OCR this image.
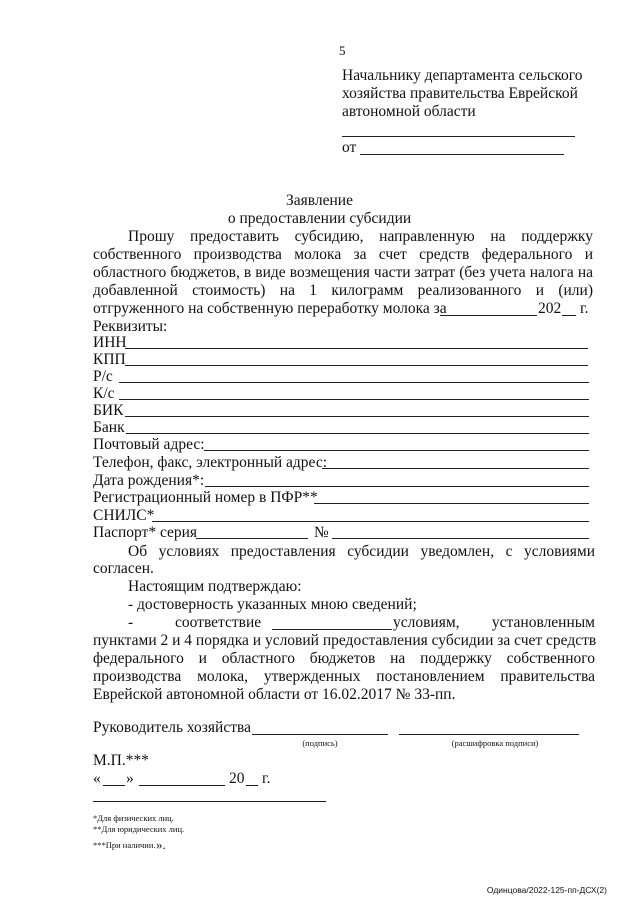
5
Начальнику департамента сельского
хозяйства правительства Еврейской
автономной области
от
Заявление
о предоставлении субсидии
Прошу предоставить субсидию, направленную на поддержку
собственного производства молока за счет средств федерального и
областного бюджетов, в виде возмещения части затрат (без учета налога на
добавленной стоимость) на 1 килограмм реализованного и (или)
отгруженного на собственную переработку молока за	202 г.
Реквизиты:
ИНН
КПП
Р/с
К/с
БИК
Банк
Почтовый адрес:
Телефон, факс, электронный адрес:
Дата рождения*:
Регистрационный номер в ПФР**
СНИЛС*
Паспорт* серия	№
Об условиях предоставления субсидии уведомлен, с условиями
согласен.
Настоящим подтверждаю:
- достоверность указанных мною сведений;
-	соответствие	условиям, установленным
пунктами 2 и 4 порядка и условий предоставления субсидии за счет средств
федерального и областного бюджетов на поддержку собственного
производства молока, утвержденных постановлением правительства
Еврейской автономной области от 16.02.2017 № 33-пп.
Руководитель хозяйства
(подпись)	(расшифровка подписи)
М.П.***
« »	20 г.
*Для физических лиц.
**Для юридических лиц.
***При наличии. ».
Одинцова/2022-125-пп-ДСХ(2)
